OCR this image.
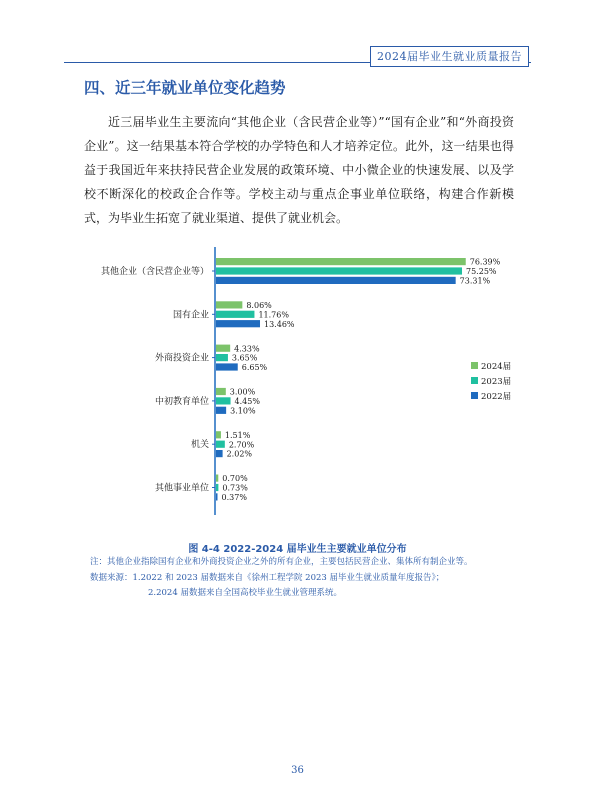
2024届毕业生就业质量报告
四、近三年就业单位变化趋势
近三届毕业生主要流向“其他企业（含民营企业等）”“国有企业”和“外商投资企业”。这一结果基本符合学校的办学特色和人才培养定位。此外，这一结果也得益于我国近年来扶持民营企业发展的政策环境、中小微企业的快速发展、以及学校不断深化的校政企合作等。学校主动与重点企事业单位联络，构建合作新模式，为毕业生拓宽了就业渠道、提供了就业机会。
其他企业（含民营企业等）
76.39%
75.25%
73.31%
国有企业
8.06%
11.76%
13.46%
外商投资企业
4.33%
3.65%
6.65%
中初教育单位
3.00%
4.45%
3.10%
机关
1.51%
2.70%
2.02%
其他事业单位
0.70%
0.73%
0.37%
2024届
2023届
2022届
图 4-4 2022-2024 届毕业生主要就业单位分布
注：其他企业指除国有企业和外商投资企业之外的所有企业，主要包括民营企业、集体所有制企业等。
数据来源：1.2022 和 2023 届数据来自《徐州工程学院 2023 届毕业生就业质量年度报告》；
2.2024 届数据来自全国高校毕业生就业管理系统。
36
